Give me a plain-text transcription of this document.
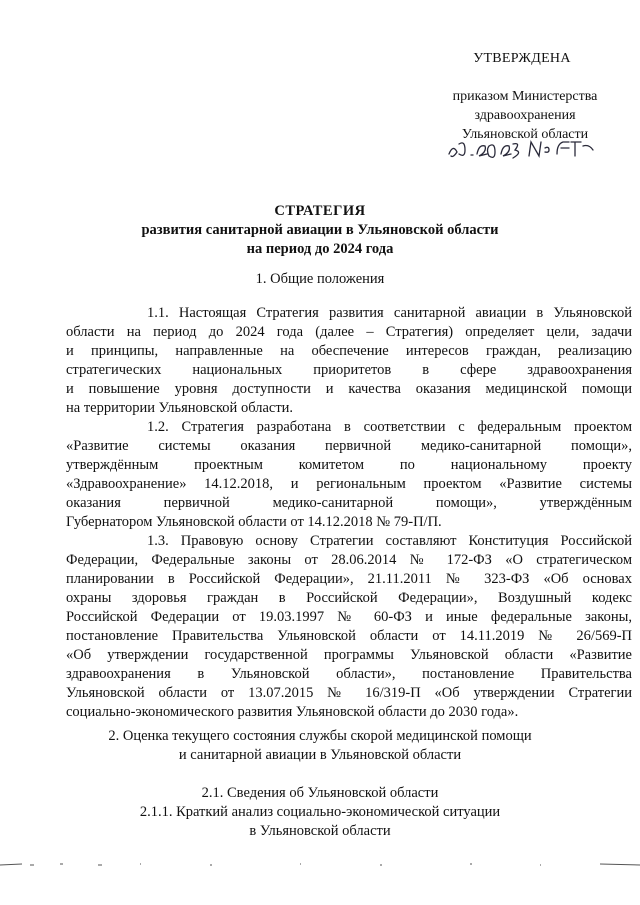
УТВЕРЖДЕНА
приказом Министерства
здравоохранения
Ульяновской области
СТРАТЕГИЯ
развития санитарной авиации в Ульяновской области
на период до 2024 года
1. Общие положения
1.1. Настоящая Стратегия развития санитарной авиации в Ульяновской
области на период до 2024 года (далее – Стратегия) определяет цели, задачи
и принципы, направленные на обеспечение интересов граждан, реализацию
стратегических национальных приоритетов в сфере здравоохранения
и повышение уровня доступности и качества оказания медицинской помощи
на территории Ульяновской области.
1.2. Стратегия разработана в соответствии с федеральным проектом
«Развитие системы оказания первичной медико-санитарной помощи»,
утверждённым проектным комитетом по национальному проекту
«Здравоохранение» 14.12.2018, и региональным проектом «Развитие системы
оказания первичной медико-санитарной помощи», утверждённым
Губернатором Ульяновской области от 14.12.2018 № 79-П/П.
1.3. Правовую основу Стратегии составляют Конституция Российской
Федерации, Федеральные законы от 28.06.2014 № 172-ФЗ «О стратегическом
планировании в Российской Федерации», 21.11.2011 № 323-ФЗ «Об основах
охраны здоровья граждан в Российской Федерации», Воздушный кодекс
Российской Федерации от 19.03.1997 № 60-ФЗ и иные федеральные законы,
постановление Правительства Ульяновской области от 14.11.2019 № 26/569-П
«Об утверждении государственной программы Ульяновской области «Развитие
здравоохранения в Ульяновской области», постановление Правительства
Ульяновской области от 13.07.2015 № 16/319-П «Об утверждении Стратегии
социально-экономического развития Ульяновской области до 2030 года».
2. Оценка текущего состояния службы скорой медицинской помощи
и санитарной авиации в Ульяновской области
2.1. Сведения об Ульяновской области
2.1.1. Краткий анализ социально-экономической ситуации
в Ульяновской области
